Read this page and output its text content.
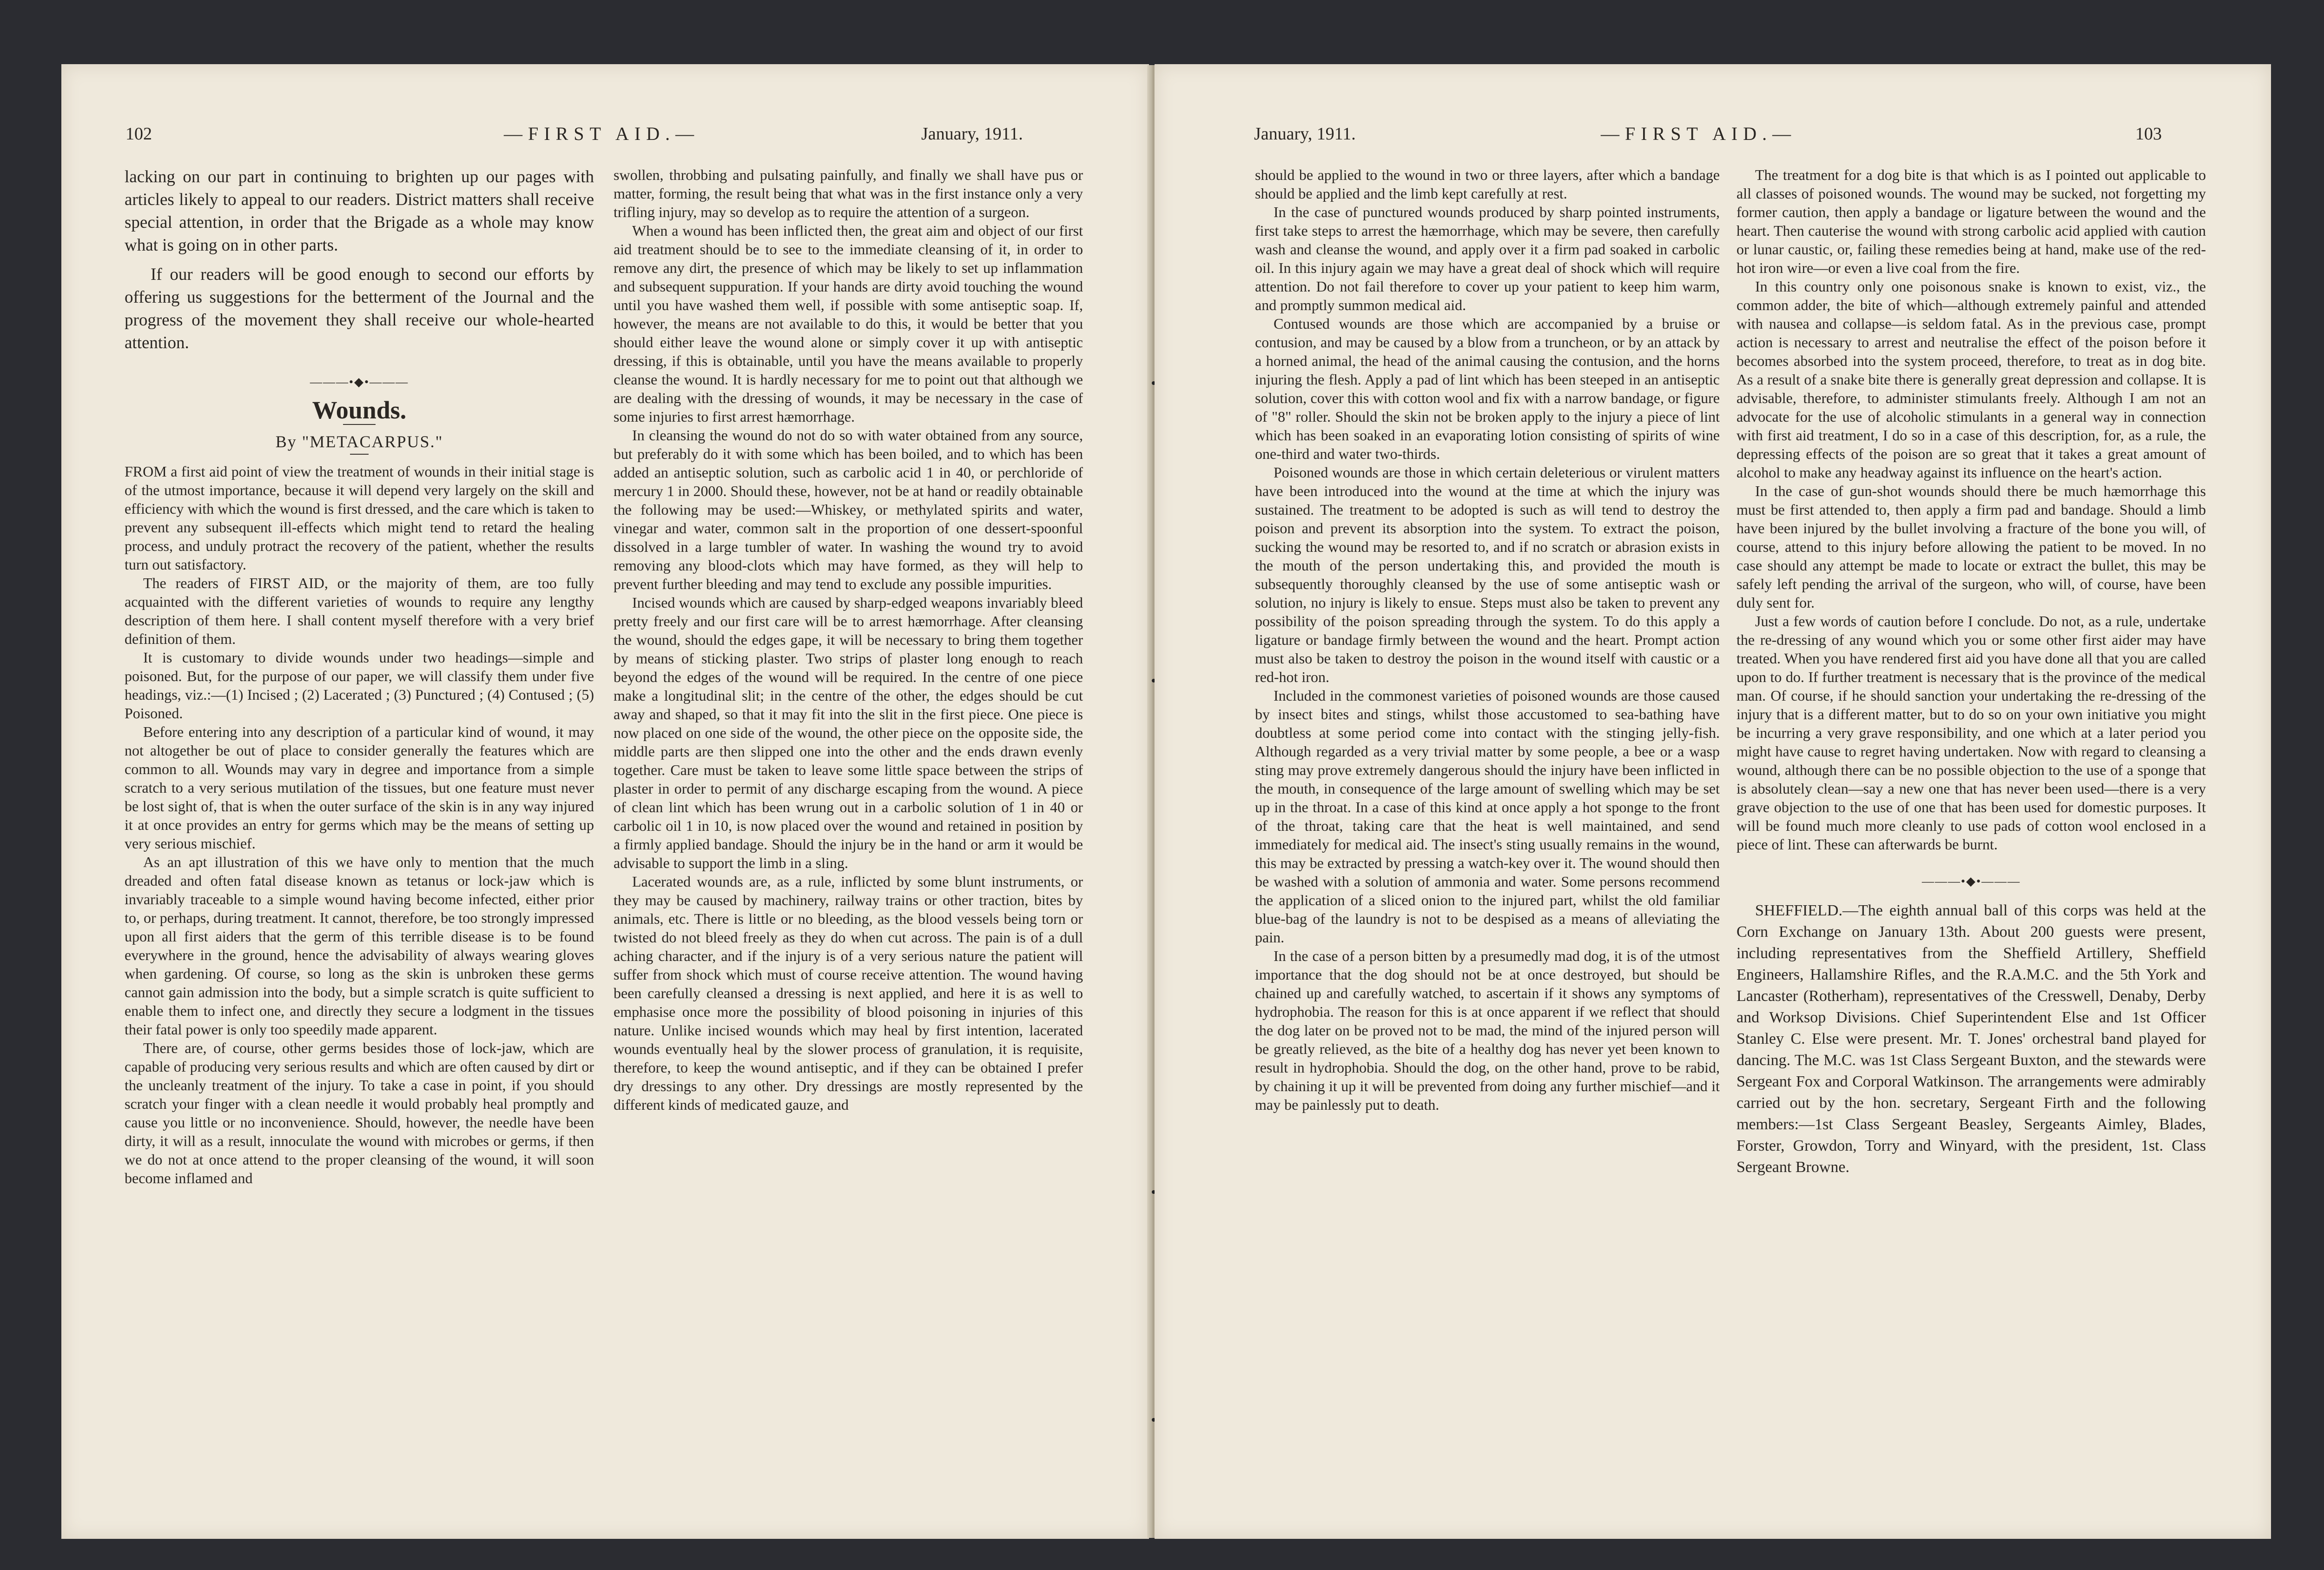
102	—FIRST AID.—	January, 1911.

lacking on our part in continuing to brighten up our pages with articles likely to appeal to our readers. District matters shall receive special attention, in order that the Brigade as a whole may know what is going on in other parts.

If our readers will be good enough to second our efforts by offering us suggestions for the betterment of the Journal and the progress of the movement they shall receive our whole-hearted attention.

———•◆•———
Wounds.
By "METACARPUS."

FROM a first aid point of view the treatment of wounds in their initial stage is of the utmost importance, because it will depend very largely on the skill and efficiency with which the wound is first dressed, and the care which is taken to prevent any subsequent ill-effects which might tend to retard the healing process, and unduly protract the recovery of the patient, whether the results turn out satisfactory.

The readers of FIRST AID, or the majority of them, are too fully acquainted with the different varieties of wounds to require any lengthy description of them here. I shall content myself therefore with a very brief definition of them.

It is customary to divide wounds under two headings—simple and poisoned. But, for the purpose of our paper, we will classify them under five headings, viz.:—(1) Incised ; (2) Lacerated ; (3) Punctured ; (4) Contused ; (5) Poisoned.

Before entering into any description of a particular kind of wound, it may not altogether be out of place to consider generally the features which are common to all. Wounds may vary in degree and importance from a simple scratch to a very serious mutilation of the tissues, but one feature must never be lost sight of, that is when the outer surface of the skin is in any way injured it at once provides an entry for germs which may be the means of setting up very serious mischief.

As an apt illustration of this we have only to mention that the much dreaded and often fatal disease known as tetanus or lock-jaw which is invariably traceable to a simple wound having become infected, either prior to, or perhaps, during treatment. It cannot, therefore, be too strongly impressed upon all first aiders that the germ of this terrible disease is to be found everywhere in the ground, hence the advisability of always wearing gloves when gardening. Of course, so long as the skin is unbroken these germs cannot gain admission into the body, but a simple scratch is quite sufficient to enable them to infect one, and directly they secure a lodgment in the tissues their fatal power is only too speedily made apparent.

There are, of course, other germs besides those of lock-jaw, which are capable of producing very serious results and which are often caused by dirt or the uncleanly treatment of the injury. To take a case in point, if you should scratch your finger with a clean needle it would probably heal promptly and cause you little or no inconvenience. Should, however, the needle have been dirty, it will as a result, innoculate the wound with microbes or germs, if then we do not at once attend to the proper cleansing of the wound, it will soon become inflamed and

swollen, throbbing and pulsating painfully, and finally we shall have pus or matter, forming, the result being that what was in the first instance only a very trifling injury, may so develop as to require the attention of a surgeon.

When a wound has been inflicted then, the great aim and object of our first aid treatment should be to see to the immediate cleansing of it, in order to remove any dirt, the presence of which may be likely to set up inflammation and subsequent suppuration. If your hands are dirty avoid touching the wound until you have washed them well, if possible with some antiseptic soap. If, however, the means are not available to do this, it would be better that you should either leave the wound alone or simply cover it up with antiseptic dressing, if this is obtainable, until you have the means available to properly cleanse the wound. It is hardly necessary for me to point out that although we are dealing with the dressing of wounds, it may be necessary in the case of some injuries to first arrest hæmorrhage.

In cleansing the wound do not do so with water obtained from any source, but preferably do it with some which has been boiled, and to which has been added an antiseptic solution, such as carbolic acid 1 in 40, or perchloride of mercury 1 in 2000. Should these, however, not be at hand or readily obtainable the following may be used:—Whiskey, or methylated spirits and water, vinegar and water, common salt in the proportion of one dessert-spoonful dissolved in a large tumbler of water. In washing the wound try to avoid removing any blood-clots which may have formed, as they will help to prevent further bleeding and may tend to exclude any possible impurities.

Incised wounds which are caused by sharp-edged weapons invariably bleed pretty freely and our first care will be to arrest hæmorrhage. After cleansing the wound, should the edges gape, it will be necessary to bring them together by means of sticking plaster. Two strips of plaster long enough to reach beyond the edges of the wound will be required. In the centre of one piece make a longitudinal slit; in the centre of the other, the edges should be cut away and shaped, so that it may fit into the slit in the first piece. One piece is now placed on one side of the wound, the other piece on the opposite side, the middle parts are then slipped one into the other and the ends drawn evenly together. Care must be taken to leave some little space between the strips of plaster in order to permit of any discharge escaping from the wound. A piece of clean lint which has been wrung out in a carbolic solution of 1 in 40 or carbolic oil 1 in 10, is now placed over the wound and retained in position by a firmly applied bandage. Should the injury be in the hand or arm it would be advisable to support the limb in a sling.

Lacerated wounds are, as a rule, inflicted by some blunt instruments, or they may be caused by machinery, railway trains or other traction, bites by animals, etc. There is little or no bleeding, as the blood vessels being torn or twisted do not bleed freely as they do when cut across. The pain is of a dull aching character, and if the injury is of a very serious nature the patient will suffer from shock which must of course receive attention. The wound having been carefully cleansed a dressing is next applied, and here it is as well to emphasise once more the possibility of blood poisoning in injuries of this nature. Unlike incised wounds which may heal by first intention, lacerated wounds eventually heal by the slower process of granulation, it is requisite, therefore, to keep the wound antiseptic, and if they can be obtained I prefer dry dressings to any other. Dry dressings are mostly represented by the different kinds of medicated gauze, and

January, 1911.	—FIRST AID.—	103

should be applied to the wound in two or three layers, after which a bandage should be applied and the limb kept carefully at rest.

In the case of punctured wounds produced by sharp pointed instruments, first take steps to arrest the hæmorrhage, which may be severe, then carefully wash and cleanse the wound, and apply over it a firm pad soaked in carbolic oil. In this injury again we may have a great deal of shock which will require attention. Do not fail therefore to cover up your patient to keep him warm, and promptly summon medical aid.

Contused wounds are those which are accompanied by a bruise or contusion, and may be caused by a blow from a truncheon, or by an attack by a horned animal, the head of the animal causing the contusion, and the horns injuring the flesh. Apply a pad of lint which has been steeped in an antiseptic solution, cover this with cotton wool and fix with a narrow bandage, or figure of "8" roller. Should the skin not be broken apply to the injury a piece of lint which has been soaked in an evaporating lotion consisting of spirits of wine one-third and water two-thirds.

Poisoned wounds are those in which certain deleterious or virulent matters have been introduced into the wound at the time at which the injury was sustained. The treatment to be adopted is such as will tend to destroy the poison and prevent its absorption into the system. To extract the poison, sucking the wound may be resorted to, and if no scratch or abrasion exists in the mouth of the person undertaking this, and provided the mouth is subsequently thoroughly cleansed by the use of some antiseptic wash or solution, no injury is likely to ensue. Steps must also be taken to prevent any possibility of the poison spreading through the system. To do this apply a ligature or bandage firmly between the wound and the heart. Prompt action must also be taken to destroy the poison in the wound itself with caustic or a red-hot iron.

Included in the commonest varieties of poisoned wounds are those caused by insect bites and stings, whilst those accustomed to sea-bathing have doubtless at some period come into contact with the stinging jelly-fish. Although regarded as a very trivial matter by some people, a bee or a wasp sting may prove extremely dangerous should the injury have been inflicted in the mouth, in consequence of the large amount of swelling which may be set up in the throat. In a case of this kind at once apply a hot sponge to the front of the throat, taking care that the heat is well maintained, and send immediately for medical aid. The insect's sting usually remains in the wound, this may be extracted by pressing a watch-key over it. The wound should then be washed with a solution of ammonia and water. Some persons recommend the application of a sliced onion to the injured part, whilst the old familiar blue-bag of the laundry is not to be despised as a means of alleviating the pain.

In the case of a person bitten by a presumedly mad dog, it is of the utmost importance that the dog should not be at once destroyed, but should be chained up and carefully watched, to ascertain if it shows any symptoms of hydrophobia. The reason for this is at once apparent if we reflect that should the dog later on be proved not to be mad, the mind of the injured person will be greatly relieved, as the bite of a healthy dog has never yet been known to result in hydrophobia. Should the dog, on the other hand, prove to be rabid, by chaining it up it will be prevented from doing any further mischief—and it may be painlessly put to death.

The treatment for a dog bite is that which is as I pointed out applicable to all classes of poisoned wounds. The wound may be sucked, not forgetting my former caution, then apply a bandage or ligature between the wound and the heart. Then cauterise the wound with strong carbolic acid applied with caution or lunar caustic, or, failing these remedies being at hand, make use of the red-hot iron wire—or even a live coal from the fire.

In this country only one poisonous snake is known to exist, viz., the common adder, the bite of which—although extremely painful and attended with nausea and collapse—is seldom fatal. As in the previous case, prompt action is necessary to arrest and neutralise the effect of the poison before it becomes absorbed into the system proceed, therefore, to treat as in dog bite. As a result of a snake bite there is generally great depression and collapse. It is advisable, therefore, to administer stimulants freely. Although I am not an advocate for the use of alcoholic stimulants in a general way in connection with first aid treatment, I do so in a case of this description, for, as a rule, the depressing effects of the poison are so great that it takes a great amount of alcohol to make any headway against its influence on the heart's action.

In the case of gun-shot wounds should there be much hæmorrhage this must be first attended to, then apply a firm pad and bandage. Should a limb have been injured by the bullet involving a fracture of the bone you will, of course, attend to this injury before allowing the patient to be moved. In no case should any attempt be made to locate or extract the bullet, this may be safely left pending the arrival of the surgeon, who will, of course, have been duly sent for.

Just a few words of caution before I conclude. Do not, as a rule, undertake the re-dressing of any wound which you or some other first aider may have treated. When you have rendered first aid you have done all that you are called upon to do. If further treatment is necessary that is the province of the medical man. Of course, if he should sanction your undertaking the re-dressing of the injury that is a different matter, but to do so on your own initiative you might be incurring a very grave responsibility, and one which at a later period you might have cause to regret having undertaken. Now with regard to cleansing a wound, although there can be no possible objection to the use of a sponge that is absolutely clean—say a new one that has never been used—there is a very grave objection to the use of one that has been used for domestic purposes. It will be found much more cleanly to use pads of cotton wool enclosed in a piece of lint. These can afterwards be burnt.

———•◆•———

SHEFFIELD.—The eighth annual ball of this corps was held at the Corn Exchange on January 13th. About 200 guests were present, including representatives from the Sheffield Artillery, Sheffield Engineers, Hallamshire Rifles, and the R.A.M.C. and the 5th York and Lancaster (Rotherham), representatives of the Cresswell, Denaby, Derby and Worksop Divisions. Chief Superintendent Else and 1st Officer Stanley C. Else were present. Mr. T. Jones' orchestral band played for dancing. The M.C. was 1st Class Sergeant Buxton, and the stewards were Sergeant Fox and Corporal Watkinson. The arrangements were admirably carried out by the hon. secretary, Sergeant Firth and the following members:—1st Class Sergeant Beasley, Sergeants Aimley, Blades, Forster, Growdon, Torry and Winyard, with the president, 1st. Class Sergeant Browne.
